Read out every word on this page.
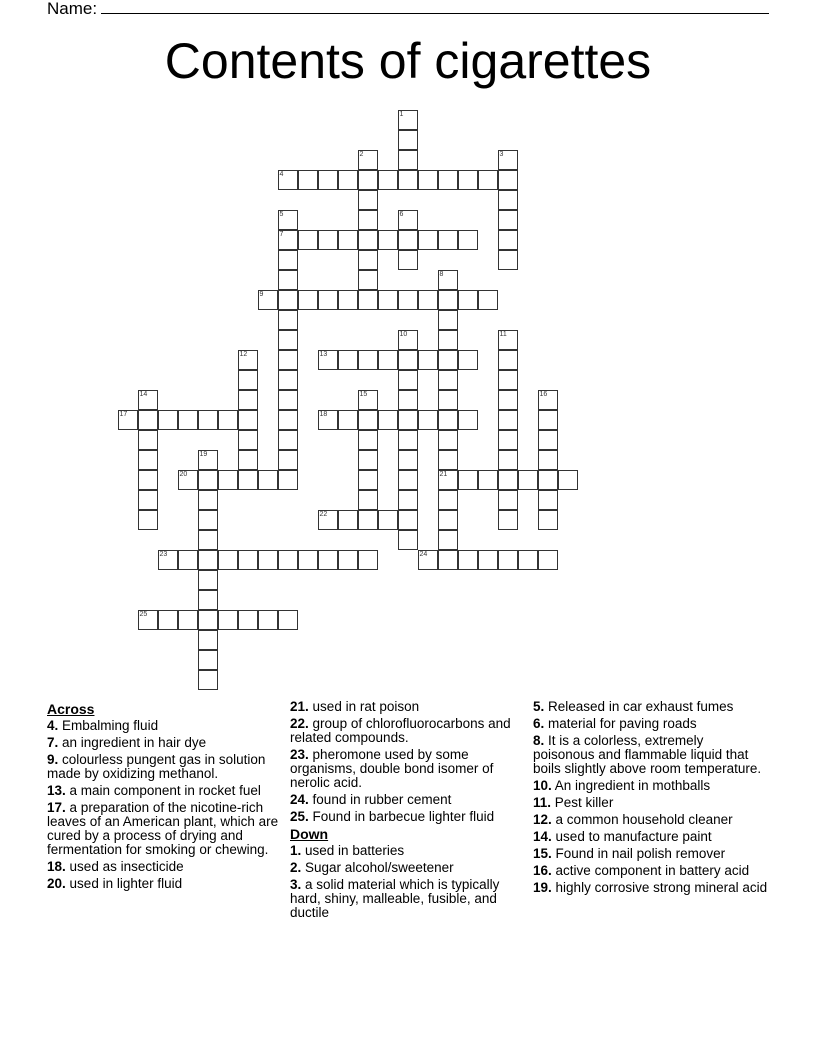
Name:
Contents of cigarettes
1
2	3
4
5
7
6
8
21
9
10	11
12	13
14	15	16
17	18
19
20
22
23	24
25
Across
4. Embalming fluid
7. an ingredient in hair dye
9. colourless pungent gas in solution made by oxidizing methanol.
13. a main component in rocket fuel
17. a preparation of the nicotine-rich leaves of an American plant, which are cured by a process of drying and fermentation for smoking or chewing.
18. used as insecticide
20. used in lighter fluid
21. used in rat poison
22. group of chlorofluorocarbons and related compounds.
23. pheromone used by some organisms, double bond isomer of nerolic acid.
24. found in rubber cement
25. Found in barbecue lighter fluid
Down
1. used in batteries
2. Sugar alcohol/sweetener
3. a solid material which is typically hard, shiny, malleable, fusible, and ductile
5. Released in car exhaust fumes
6. material for paving roads
8. It is a colorless, extremely poisonous and flammable liquid that boils slightly above room temperature.
10. An ingredient in mothballs
11. Pest killer
12. a common household cleaner
14. used to manufacture paint
15. Found in nail polish remover
16. active component in battery acid
19. highly corrosive strong mineral acid
